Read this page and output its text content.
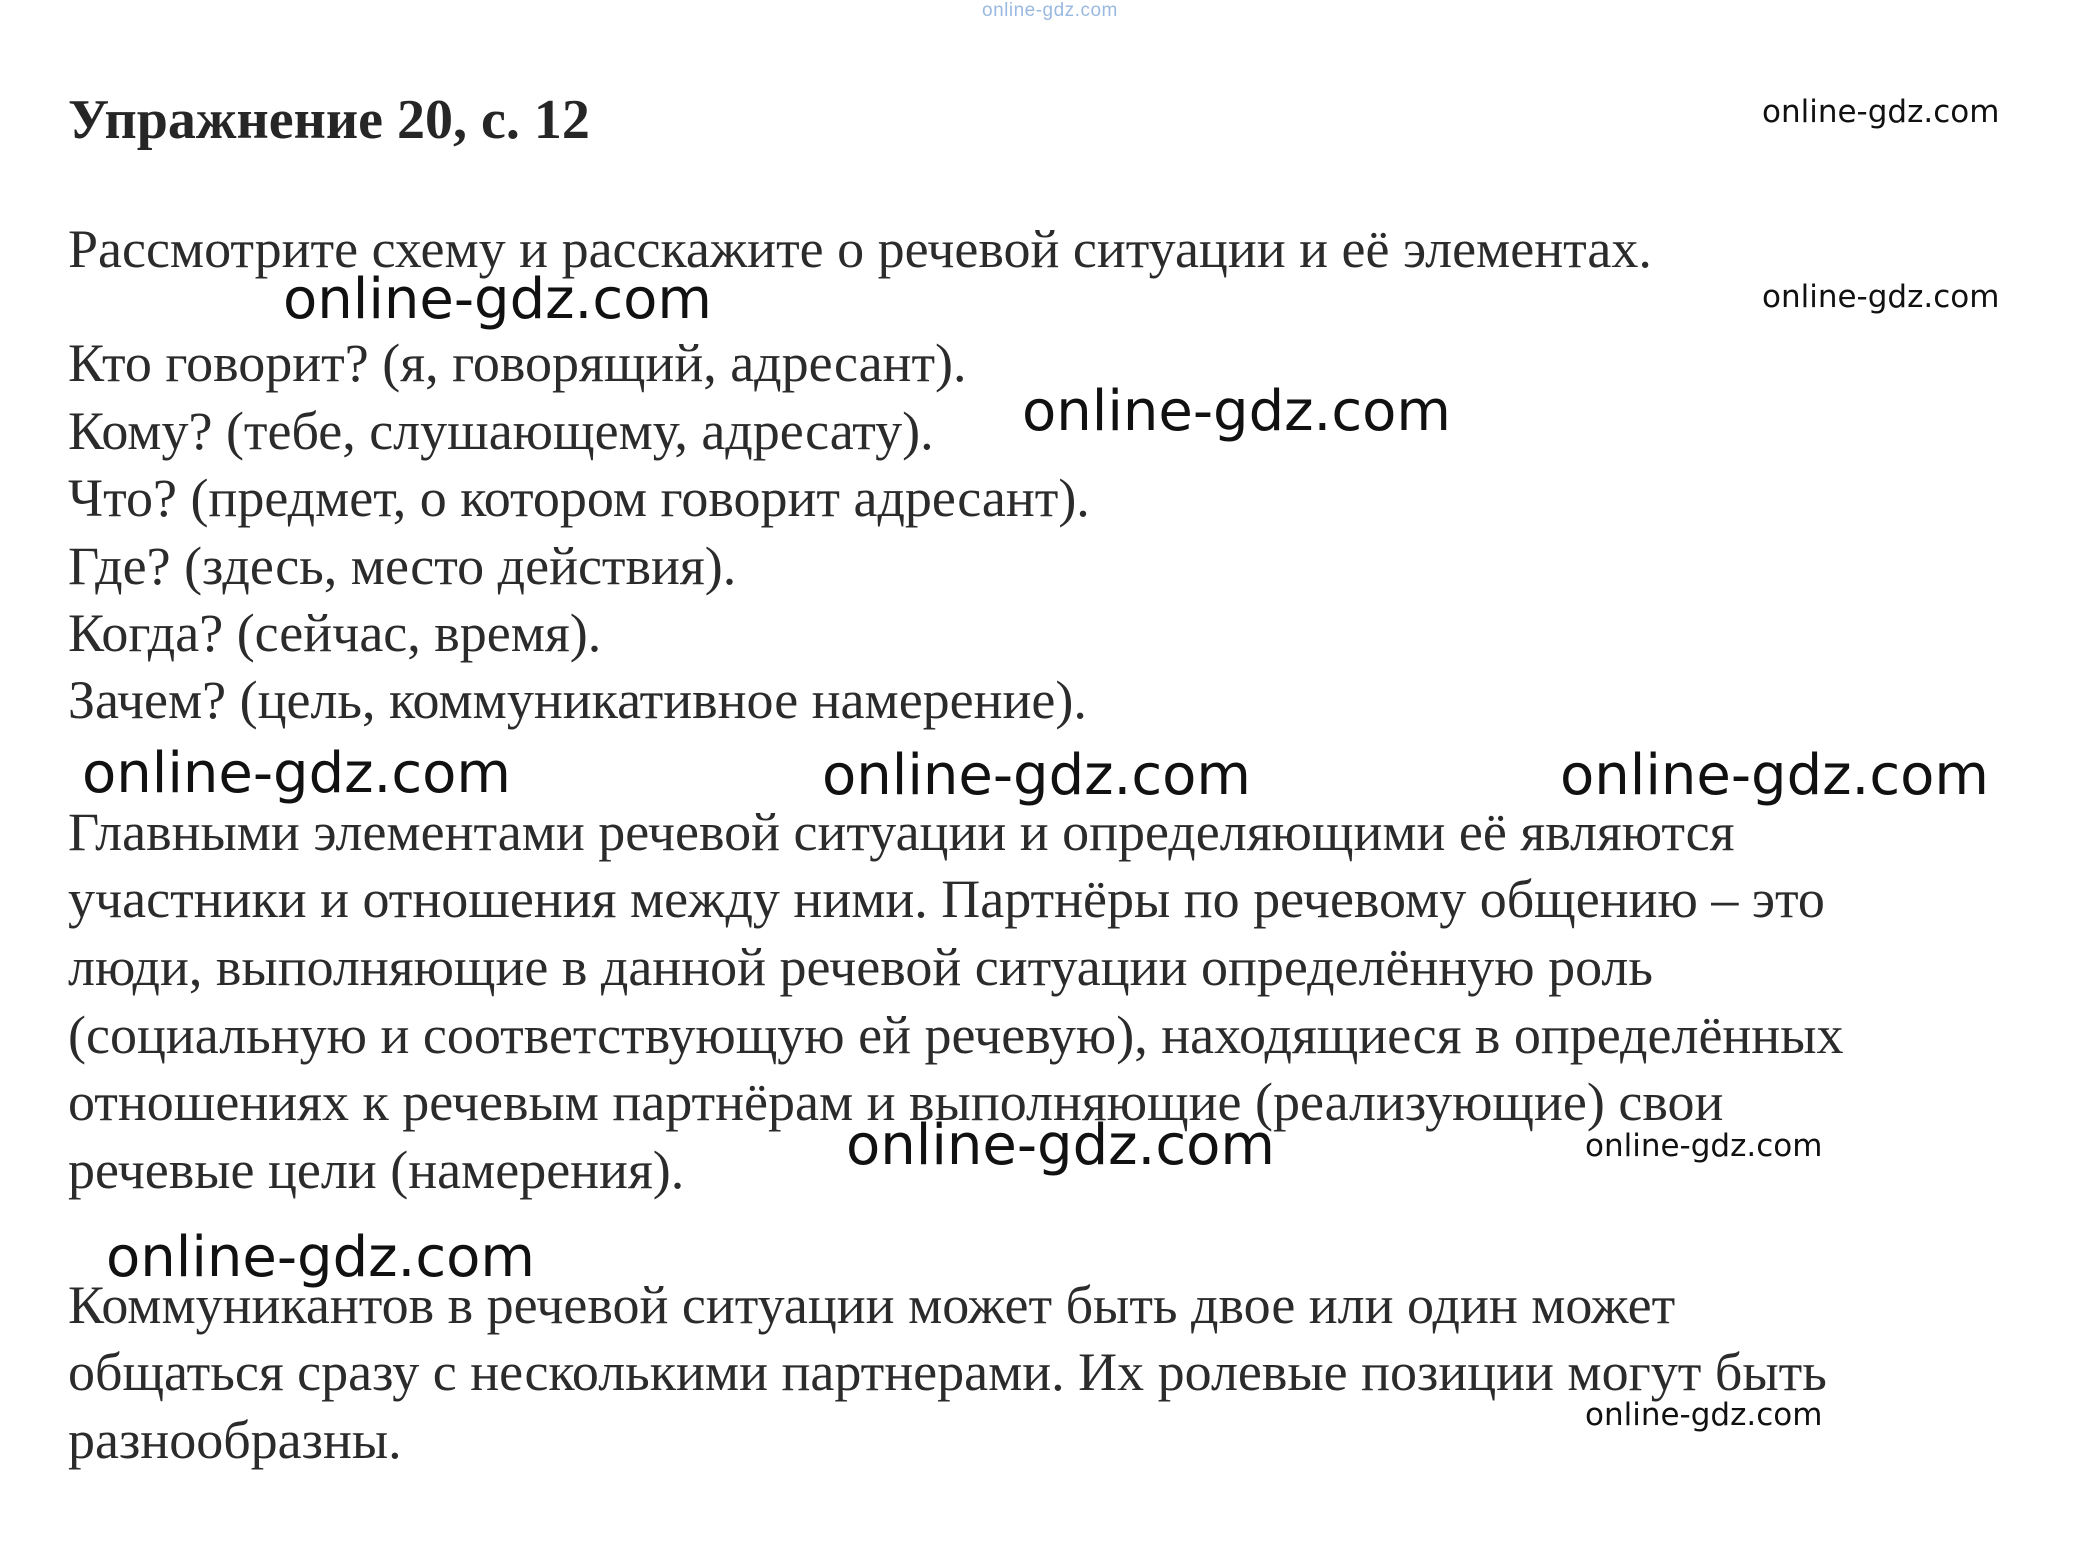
online-gdz.com
Упражнение 20, с. 12
Рассмотрите схему и расскажите о речевой ситуации и её элементах.
Кто говорит? (я, говорящий, адресант).
Кому? (тебе, слушающему, адресату).
Что? (предмет, о котором говорит адресант).
Где? (здесь, место действия).
Когда? (сейчас, время).
Зачем? (цель, коммуникативное намерение).
Главными элементами речевой ситуации и определяющими её являются
участники и отношения между ними. Партнёры по речевому общению – это
люди, выполняющие в данной речевой ситуации определённую роль
(социальную и соответствующую ей речевую), находящиеся в определённых
отношениях к речевым партнёрам и выполняющие (реализующие) свои
речевые цели (намерения).
Коммуникантов в речевой ситуации может быть двое или один может
общаться сразу с несколькими партнерами. Их ролевые позиции могут быть
разнообразны.
online-gdz.com
online-gdz.com	online-gdz.com
online-gdz.com
online-gdz.com	online-gdz.com	online-gdz.com
online-gdz.com	online-gdz.com
online-gdz.com
online-gdz.com
